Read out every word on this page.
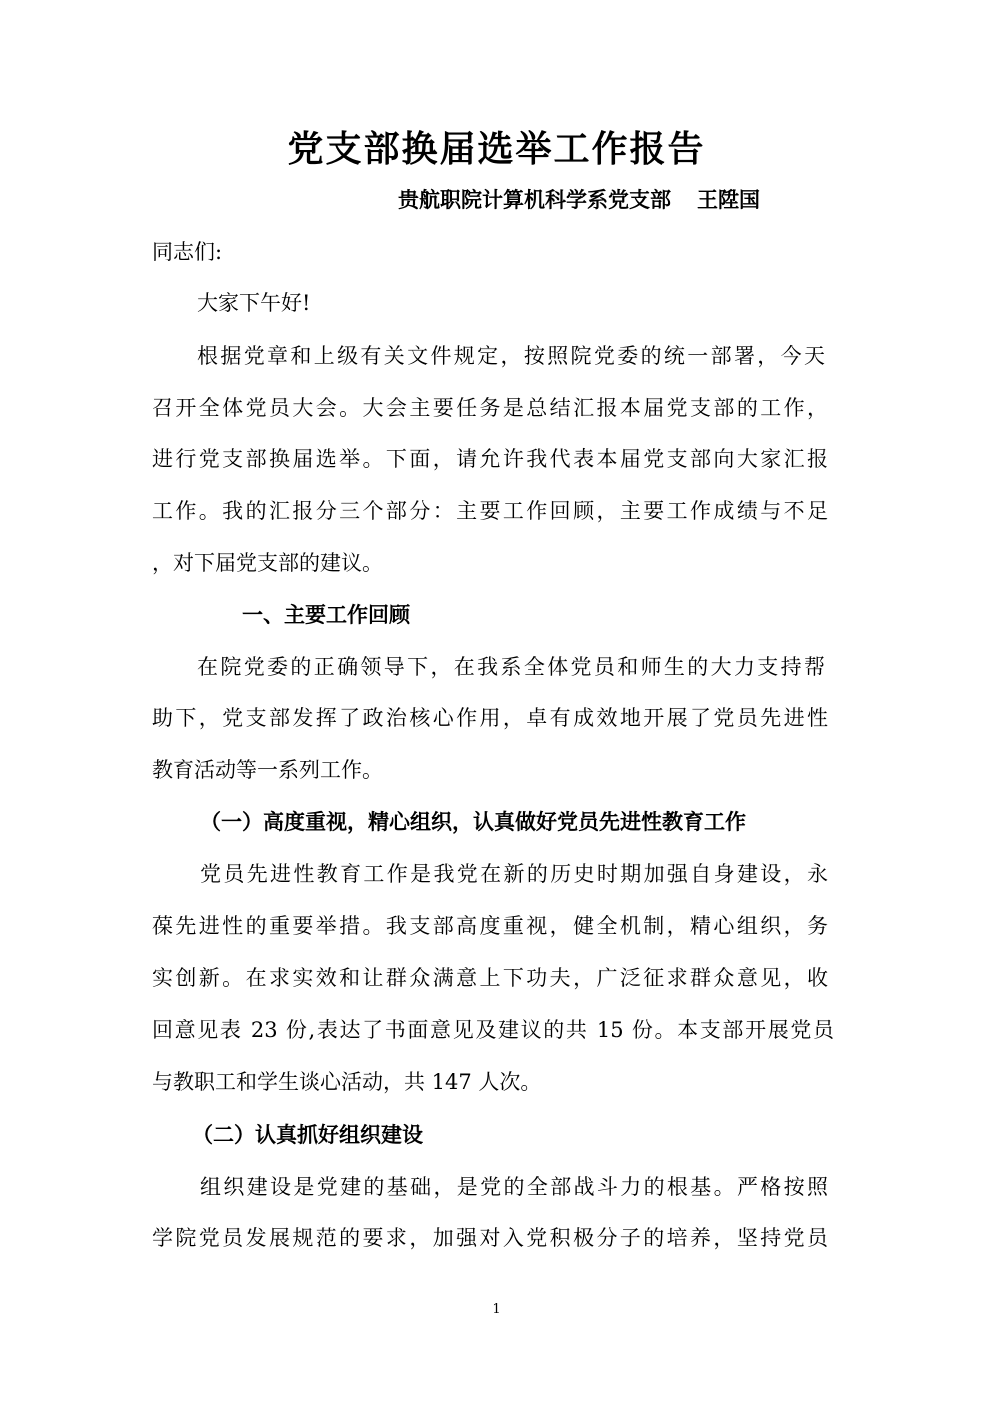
党支部换届选举工作报告
贵航职院计算机科学系党支部 王陞国
同志们:
大家下午好!
根据党章和上级有关文件规定，按照院党委的统一部署，今天
召开全体党员大会。大会主要任务是总结汇报本届党支部的工作，
进行党支部换届选举。下面，请允许我代表本届党支部向大家汇报
工作。我的汇报分三个部分：主要工作回顾，主要工作成绩与不足
，对下届党支部的建议。
一、主要工作回顾
在院党委的正确领导下，在我系全体党员和师生的大力支持帮
助下，党支部发挥了政治核心作用，卓有成效地开展了党员先进性
教育活动等一系列工作。
（一）高度重视，精心组织，认真做好党员先进性教育工作
党员先进性教育工作是我党在新的历史时期加强自身建设，永
葆先进性的重要举措。我支部高度重视，健全机制，精心组织，务
实创新。在求实效和让群众满意上下功夫，广泛征求群众意见，收
回意见表 23 份,表达了书面意见及建议的共 15 份。本支部开展党员
与教职工和学生谈心活动，共 147 人次。
（二）认真抓好组织建设
组织建设是党建的基础，是党的全部战斗力的根基。严格按照
学院党员发展规范的要求，加强对入党积极分子的培养，坚持党员
1
